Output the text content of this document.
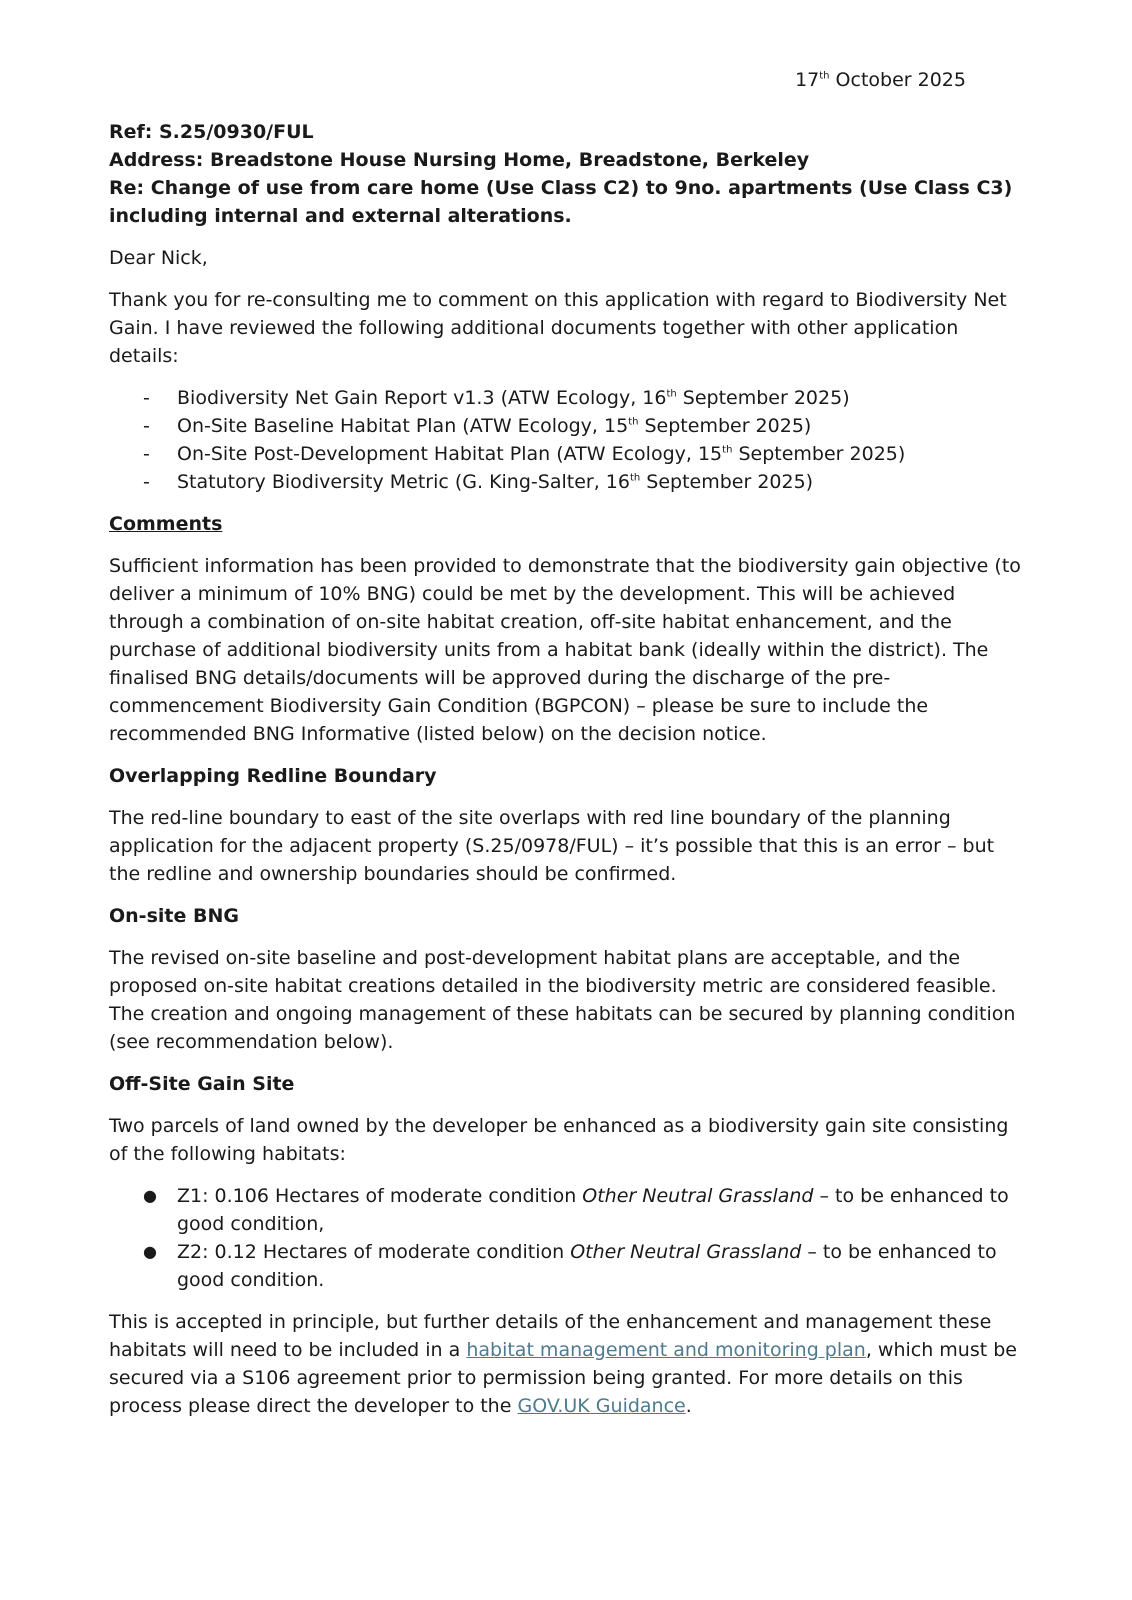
17th October 2025

Ref: S.25/0930/FUL

Address: Breadstone House Nursing Home, Breadstone, Berkeley

Re: Change of use from care home (Use Class C2) to 9no. apartments (Use Class C3) including internal and external alterations.

Dear Nick,

Thank you for re-consulting me to comment on this application with regard to Biodiversity Net Gain. I have reviewed the following additional documents together with other application details:

- Biodiversity Net Gain Report v1.3 (ATW Ecology, 16th September 2025)
- On-Site Baseline Habitat Plan (ATW Ecology, 15th September 2025)
- On-Site Post-Development Habitat Plan (ATW Ecology, 15th September 2025)
- Statutory Biodiversity Metric (G. King-Salter, 16th September 2025)

Comments

Sufficient information has been provided to demonstrate that the biodiversity gain objective (to deliver a minimum of 10% BNG) could be met by the development. This will be achieved through a combination of on-site habitat creation, off-site habitat enhancement, and the purchase of additional biodiversity units from a habitat bank (ideally within the district). The finalised BNG details/documents will be approved during the discharge of the pre-commencement Biodiversity Gain Condition (BGPCON) – please be sure to include the recommended BNG Informative (listed below) on the decision notice.

Overlapping Redline Boundary

The red-line boundary to east of the site overlaps with red line boundary of the planning application for the adjacent property (S.25/0978/FUL) – it’s possible that this is an error – but the redline and ownership boundaries should be confirmed.

On-site BNG

The revised on-site baseline and post-development habitat plans are acceptable, and the proposed on-site habitat creations detailed in the biodiversity metric are considered feasible. The creation and ongoing management of these habitats can be secured by planning condition (see recommendation below).

Off-Site Gain Site

Two parcels of land owned by the developer be enhanced as a biodiversity gain site consisting of the following habitats:

● Z1: 0.106 Hectares of moderate condition Other Neutral Grassland – to be enhanced to good condition,
● Z2: 0.12 Hectares of moderate condition Other Neutral Grassland – to be enhanced to good condition.

This is accepted in principle, but further details of the enhancement and management these habitats will need to be included in a habitat management and monitoring plan, which must be secured via a S106 agreement prior to permission being granted. For more details on this process please direct the developer to the GOV.UK Guidance.
